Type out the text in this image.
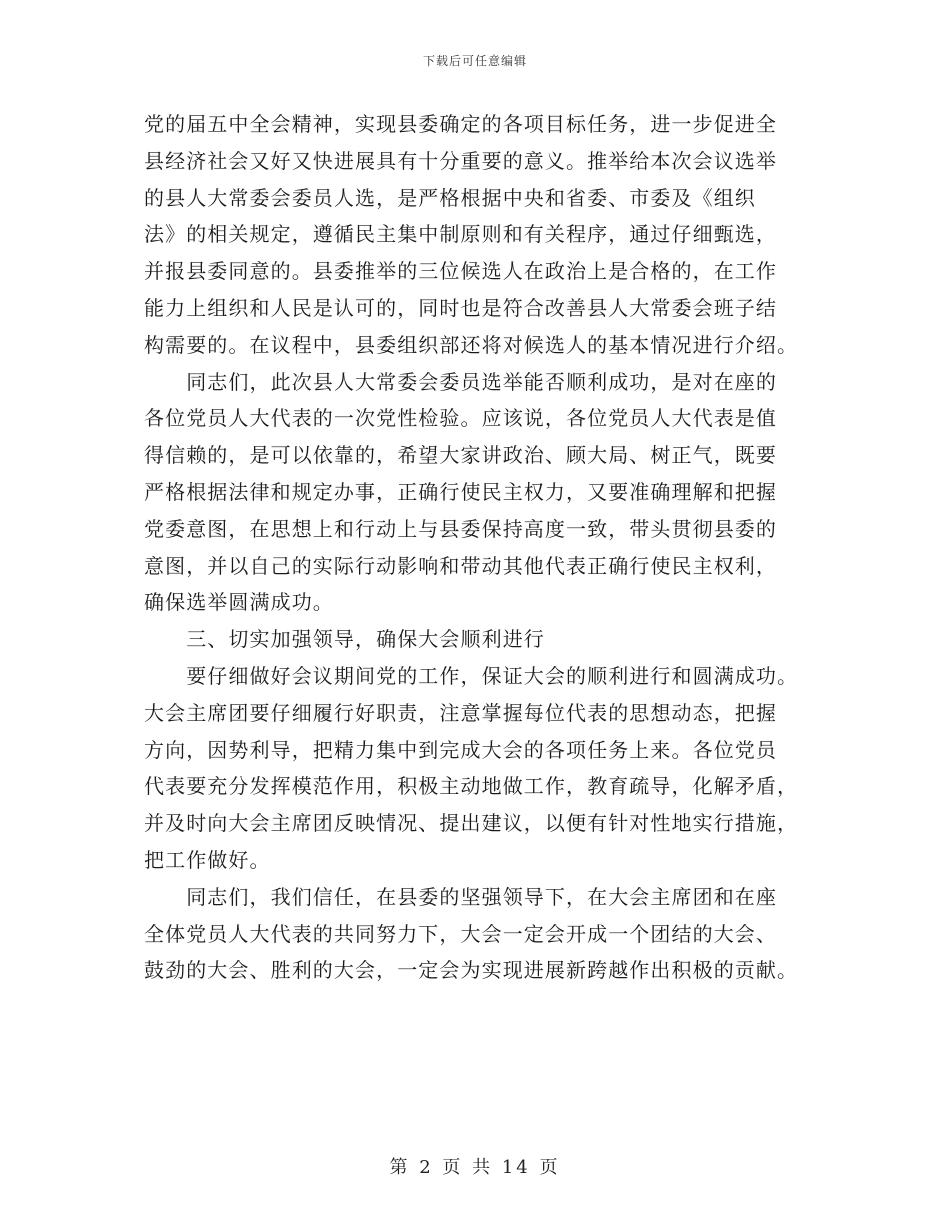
下载后可任意编辑
党的届五中全会精神，实现县委确定的各项目标任务，进一步促进全
县经济社会又好又快进展具有十分重要的意义。推举给本次会议选举
的县人大常委会委员人选，是严格根据中央和省委、市委及《组织
法》的相关规定，遵循民主集中制原则和有关程序，通过仔细甄选，
并报县委同意的。县委推举的三位候选人在政治上是合格的，在工作
能力上组织和人民是认可的，同时也是符合改善县人大常委会班子结
构需要的。在议程中，县委组织部还将对候选人的基本情况进行介绍。
　　同志们，此次县人大常委会委员选举能否顺利成功，是对在座的
各位党员人大代表的一次党性检验。应该说，各位党员人大代表是值
得信赖的，是可以依靠的，希望大家讲政治、顾大局、树正气，既要
严格根据法律和规定办事，正确行使民主权力，又要准确理解和把握
党委意图，在思想上和行动上与县委保持高度一致，带头贯彻县委的
意图，并以自己的实际行动影响和带动其他代表正确行使民主权利，
确保选举圆满成功。
　　三、切实加强领导，确保大会顺利进行
　　要仔细做好会议期间党的工作，保证大会的顺利进行和圆满成功。
大会主席团要仔细履行好职责，注意掌握每位代表的思想动态，把握
方向，因势利导，把精力集中到完成大会的各项任务上来。各位党员
代表要充分发挥模范作用，积极主动地做工作，教育疏导，化解矛盾，
并及时向大会主席团反映情况、提出建议，以便有针对性地实行措施，
把工作做好。
　　同志们，我们信任，在县委的坚强领导下，在大会主席团和在座
全体党员人大代表的共同努力下，大会一定会开成一个团结的大会、
鼓劲的大会、胜利的大会，一定会为实现进展新跨越作出积极的贡献。
第 2 页 共 14 页
